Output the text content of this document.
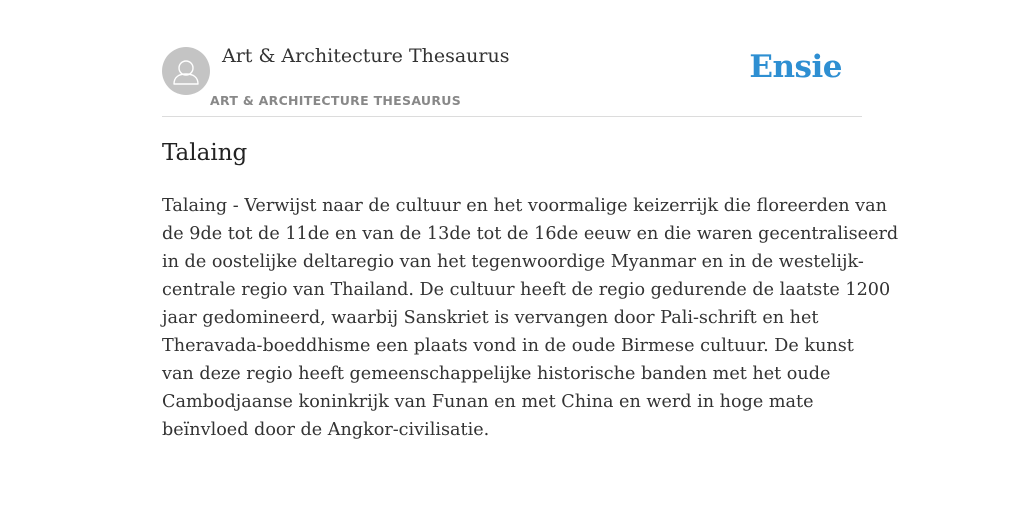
Art & Architecture Thesaurus
ART & ARCHITECTURE THESAURUS
Ensie
Talaing
Talaing - Verwijst naar de cultuur en het voormalige keizerrijk die floreerden van
de 9de tot de 11de en van de 13de tot de 16de eeuw en die waren gecentraliseerd
in de oostelijke deltaregio van het tegenwoordige Myanmar en in de westelijk-
centrale regio van Thailand. De cultuur heeft de regio gedurende de laatste 1200
jaar gedomineerd, waarbij Sanskriet is vervangen door Pali-schrift en het
Theravada-boeddhisme een plaats vond in de oude Birmese cultuur. De kunst
van deze regio heeft gemeenschappelijke historische banden met het oude
Cambodjaanse koninkrijk van Funan en met China en werd in hoge mate
beïnvloed door de Angkor-civilisatie.
